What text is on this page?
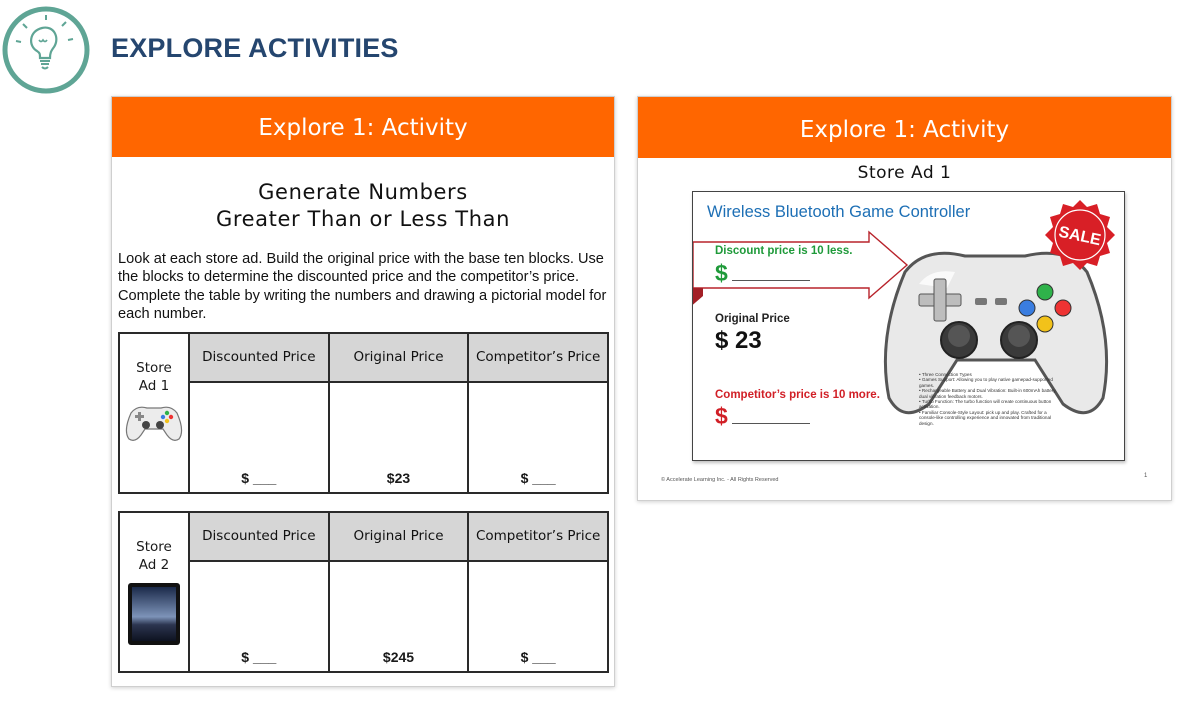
EXPLORE ACTIVITIES
Explore 1: Activity
Generate Numbers
Greater Than or Less Than
Look at each store ad. Build the original price with the base ten blocks. Use the blocks to determine the discounted price and the competitor’s price. Complete the table by writing the numbers and drawing a pictorial model for each number.
Store
Ad 1	Discounted Price	Original Price	Competitor’s Price
	$ ___	$23	$ ___
Store
Ad 2	Discounted Price	Original Price	Competitor’s Price
	$ ___	$245	$ ___
Explore 1: Activity
Store Ad 1
SALE
Wireless Bluetooth Game Controller
Discount price is 10 less.
$
Original Price
$ 23
Competitor’s price is 10 more.
$
• Three Connection Types
• Games Support: Allowing you to play native gamepad-supported games.
• Rechargeable Battery and Dual Vibration: Built-in 600mAh battery, dual vibration feedback motors.
• Turbo Function: The turbo function will create continuous button activation.
• Familiar Console-Style Layout: pick up and play. Crafted for a console-like controlling experience and innovated from traditional design.
© Accelerate Learning Inc. - All Rights Reserved
1
